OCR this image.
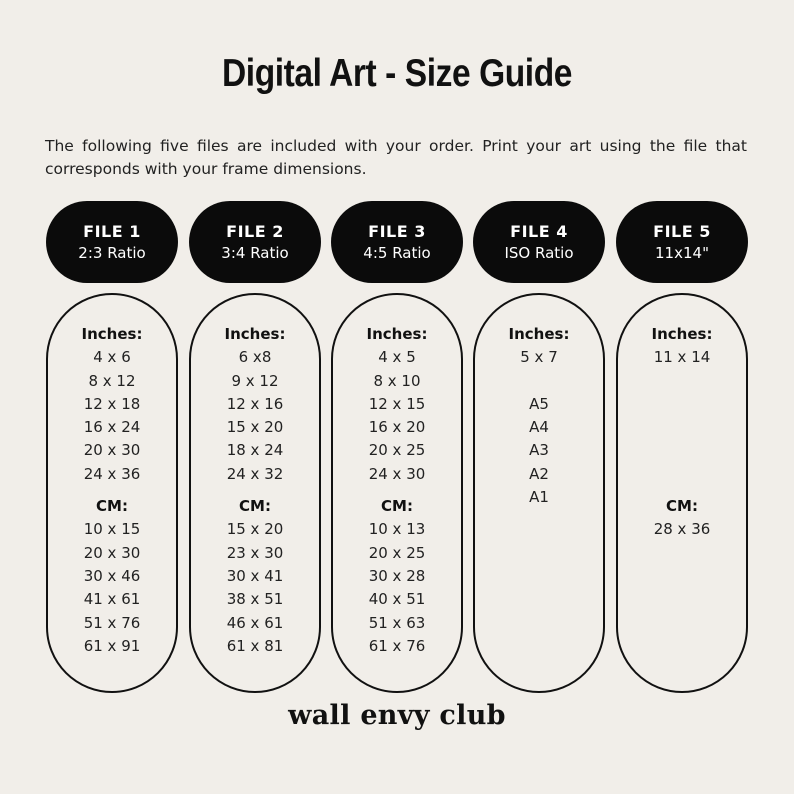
Digital Art - Size Guide
The following five files are included with your order. Print your art using the file that corresponds with your frame dimensions.
FILE 1
2:3 Ratio
Inches:
4 x 6
8 x 12
12 x 18
16 x 24
20 x 30
24 x 36
CM:
10 x 15
20 x 30
30 x 46
41 x 61
51 x 76
61 x 91
FILE 2
3:4 Ratio
Inches:
6 x8
9 x 12
12 x 16
15 x 20
18 x 24
24 x 32
CM:
15 x 20
23 x 30
30 x 41
38 x 51
46 x 61
61 x 81
FILE 3
4:5 Ratio
Inches:
4 x 5
8 x 10
12 x 15
16 x 20
20 x 25
24 x 30
CM:
10 x 13
20 x 25
30 x 28
40 x 51
51 x 63
61 x 76
FILE 4
ISO Ratio
Inches:
5 x 7

A5
A4
A3
A2
A1
FILE 5
11x14"
Inches:
11 x 14

CM:
28 x 36
wall envy club
